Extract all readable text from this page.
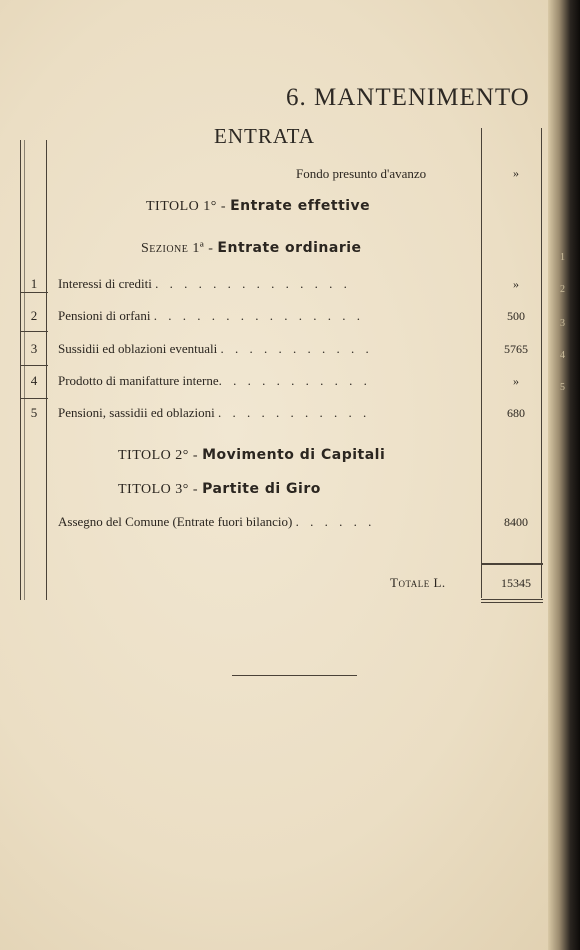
6. MANTENIMENTO
ENTRATA
Fondo presunto d'avanzo	»
TITOLO 1° - Entrate effettive
Sezione 1ª - Entrate ordinarie
1	Interessi di crediti . . . . . . . . . . . . . .	»
2	Pensioni di orfani . . . . . . . . . . . . . . .	500
3	Sussidii ed oblazioni eventuali . . . . . . . . . . .	5765
4	Prodotto di manifatture interne. . . . . . . . . . .	»
5	Pensioni, sassidii ed oblazioni . . . . . . . . . . .	680
TITOLO 2° - Movimento di Capitali
TITOLO 3° - Partite di Giro
Assegno del Comune (Entrate fuori bilancio) . . . . . .	8400
Totale L.	15345
1
2
3
4
5
